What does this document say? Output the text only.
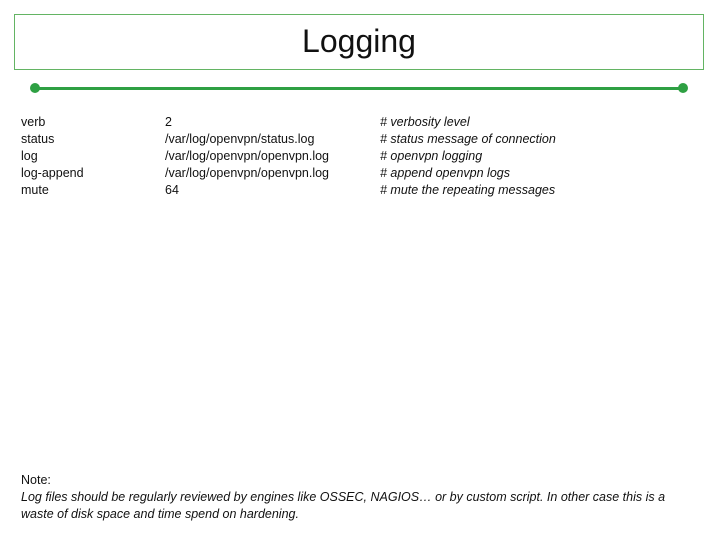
Logging
verb
status
log
log-append
mute
2
/var/log/openvpn/status.log
/var/log/openvpn/openvpn.log
/var/log/openvpn/openvpn.log
64
# verbosity level
# status message of connection
# openvpn logging
# append openvpn logs
# mute the repeating messages
Note:
Log files should be regularly reviewed by engines like OSSEC, NAGIOS… or by custom script. In other case this is a waste of disk space and time spend on hardening.
